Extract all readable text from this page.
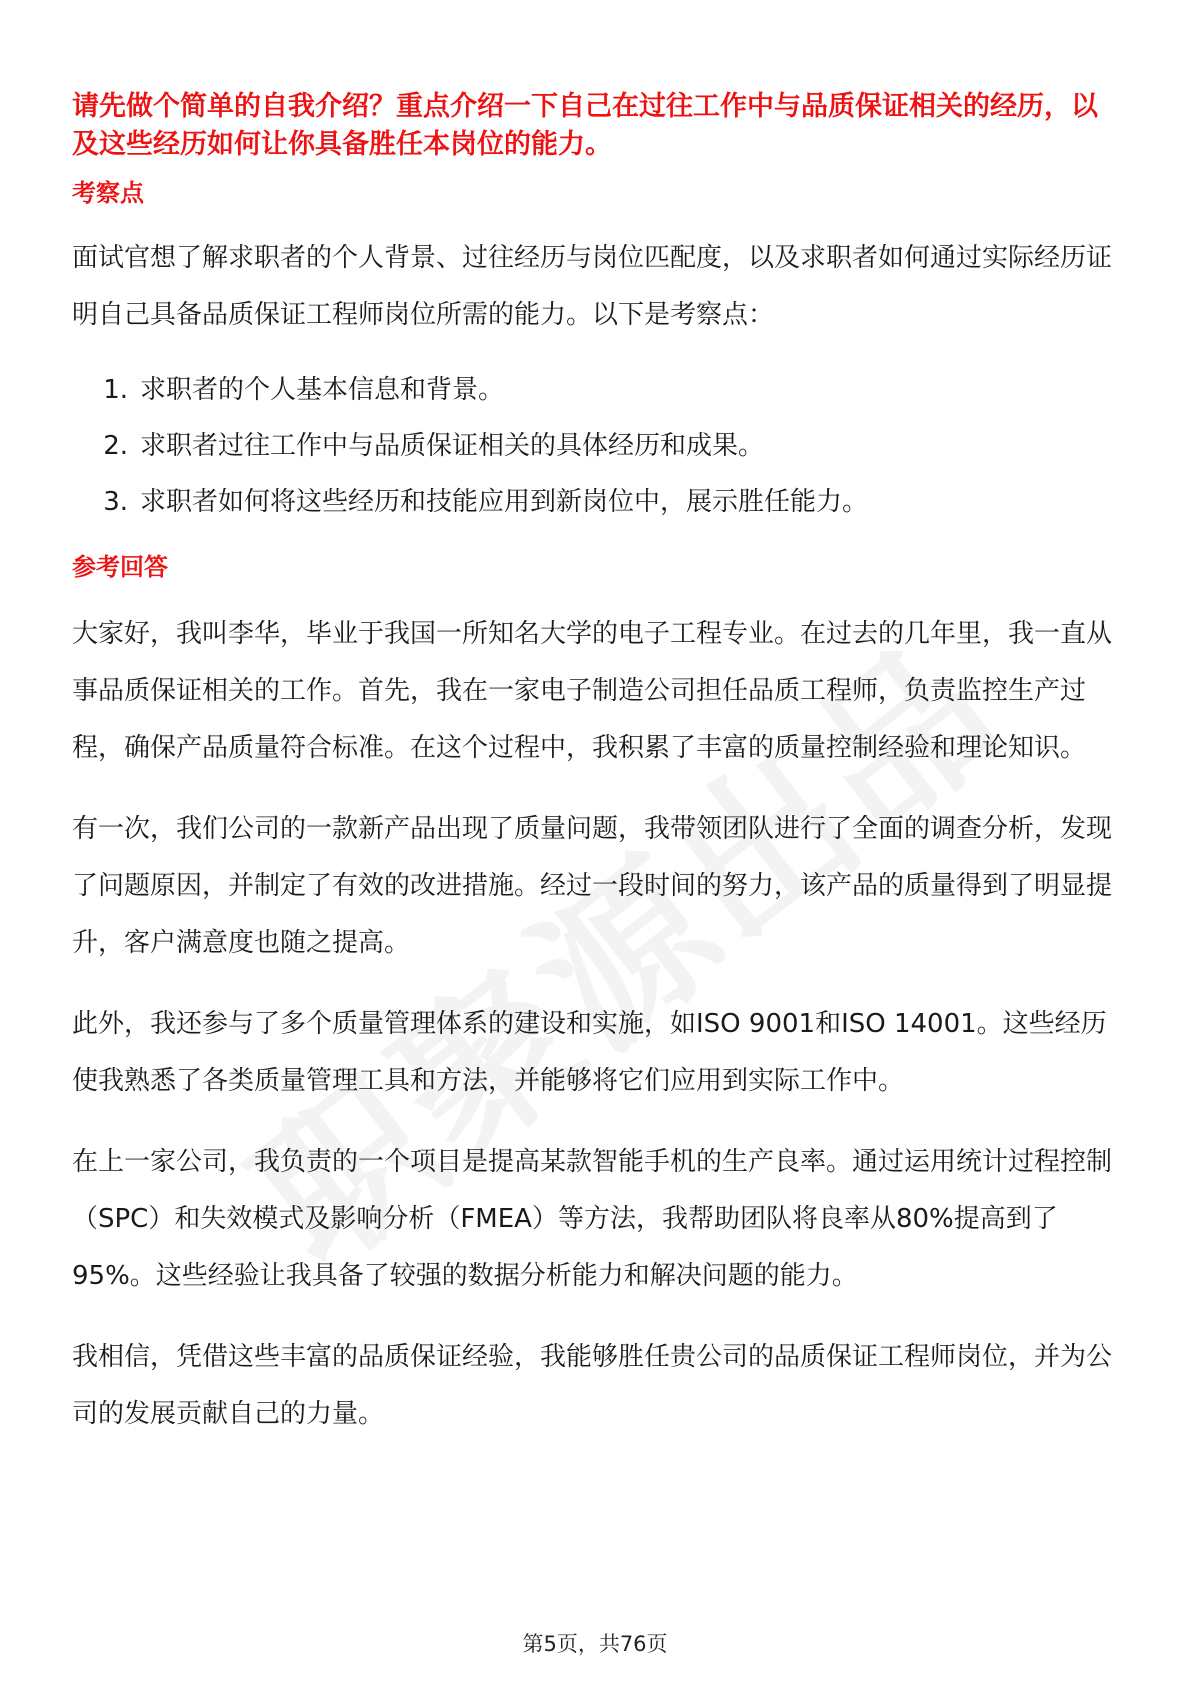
请先做个简单的自我介绍？重点介绍一下自己在过往工作中与品质保证相关的经历，以及这些经历如何让你具备胜任本岗位的能力。

考察点

面试官想了解求职者的个人背景、过往经历与岗位匹配度，以及求职者如何通过实际经历证明自己具备品质保证工程师岗位所需的能力。以下是考察点：

1. 求职者的个人基本信息和背景。
2. 求职者过往工作中与品质保证相关的具体经历和成果。
3. 求职者如何将这些经历和技能应用到新岗位中，展示胜任能力。
参考回答

大家好，我叫李华，毕业于我国一所知名大学的电子工程专业。在过去的几年里，我一直从事品质保证相关的工作。首先，我在一家电子制造公司担任品质工程师，负责监控生产过程，确保产品质量符合标准。在这个过程中，我积累了丰富的质量控制经验和理论知识。

有一次，我们公司的一款新产品出现了质量问题，我带领团队进行了全面的调查分析，发现了问题原因，并制定了有效的改进措施。经过一段时间的努力，该产品的质量得到了明显提升，客户满意度也随之提高。

此外，我还参与了多个质量管理体系的建设和实施，如ISO 9001和ISO 14001。这些经历使我熟悉了各类质量管理工具和方法，并能够将它们应用到实际工作中。

在上一家公司，我负责的一个项目是提高某款智能手机的生产良率。通过运用统计过程控制（SPC）和失效模式及影响分析（FMEA）等方法，我帮助团队将良率从80%提高到了95%。这些经验让我具备了较强的数据分析能力和解决问题的能力。

我相信，凭借这些丰富的品质保证经验，我能够胜任贵公司的品质保证工程师岗位，并为公司的发展贡献自己的力量。

第5页，共76页
